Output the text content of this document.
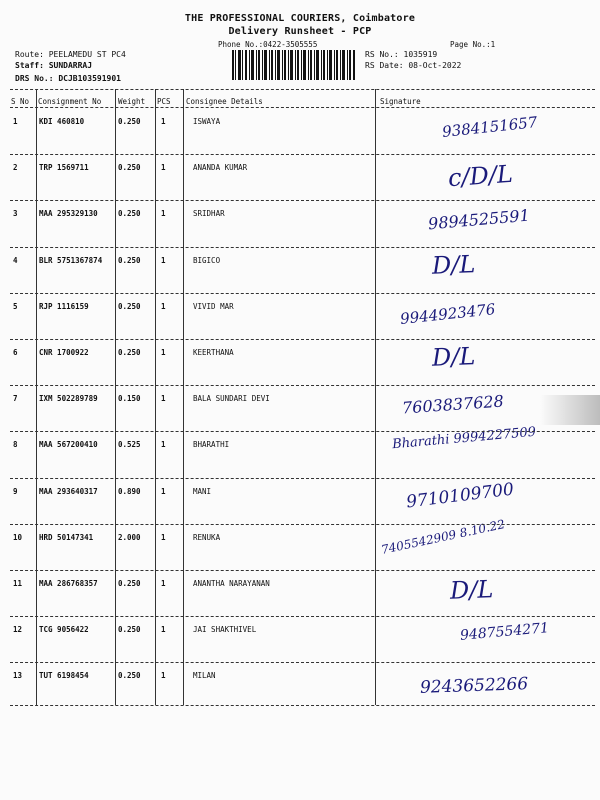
THE PROFESSIONAL COURIERS, Coimbatore
Delivery Runsheet - PCP
Phone No.:0422-3505555	Page No.:1
Route: PEELAMEDU ST PC4
Staff: SUNDARRAJ
DRS No.: DCJB103591901
RS No.: 1035919
RS Date: 08-Oct-2022
S No Consignment No Weight PCS Consignee Details	Signature
1	KDI 460810	0.250	1	ISWAYA	9384151657
2	TRP 1569711	0.250	1	ANANDA KUMAR	c/D/L
3	MAA 295329130	0.250	1	SRIDHAR	9894525591
4	BLR 5751367874 0.250	1	BIGICO	D/L
5	RJP 1116159	0.250	1	VIVID MAR	9944923476
6	CNR 1700922	0.250	1	KEERTHANA	D/L
7	IXM 502289789	0.150	1	BALA SUNDARI DEVI	7603837628
8	MAA 567200410	0.525	1	BHARATHI	Bharathi 9994227509
9	MAA 293640317	0.890	1	MANI	9710109700
10 HRD 50147341	2.000	1	RENUKA	7405542909 8.10.22
11 MAA 286768357	0.250	1	ANANTHA NARAYANAN	D/L
12 TCG 9056422	0.250	1	JAI SHAKTHIVEL	9487554271
13 TUT 6198454	0.250	1	MILAN	9243652266
